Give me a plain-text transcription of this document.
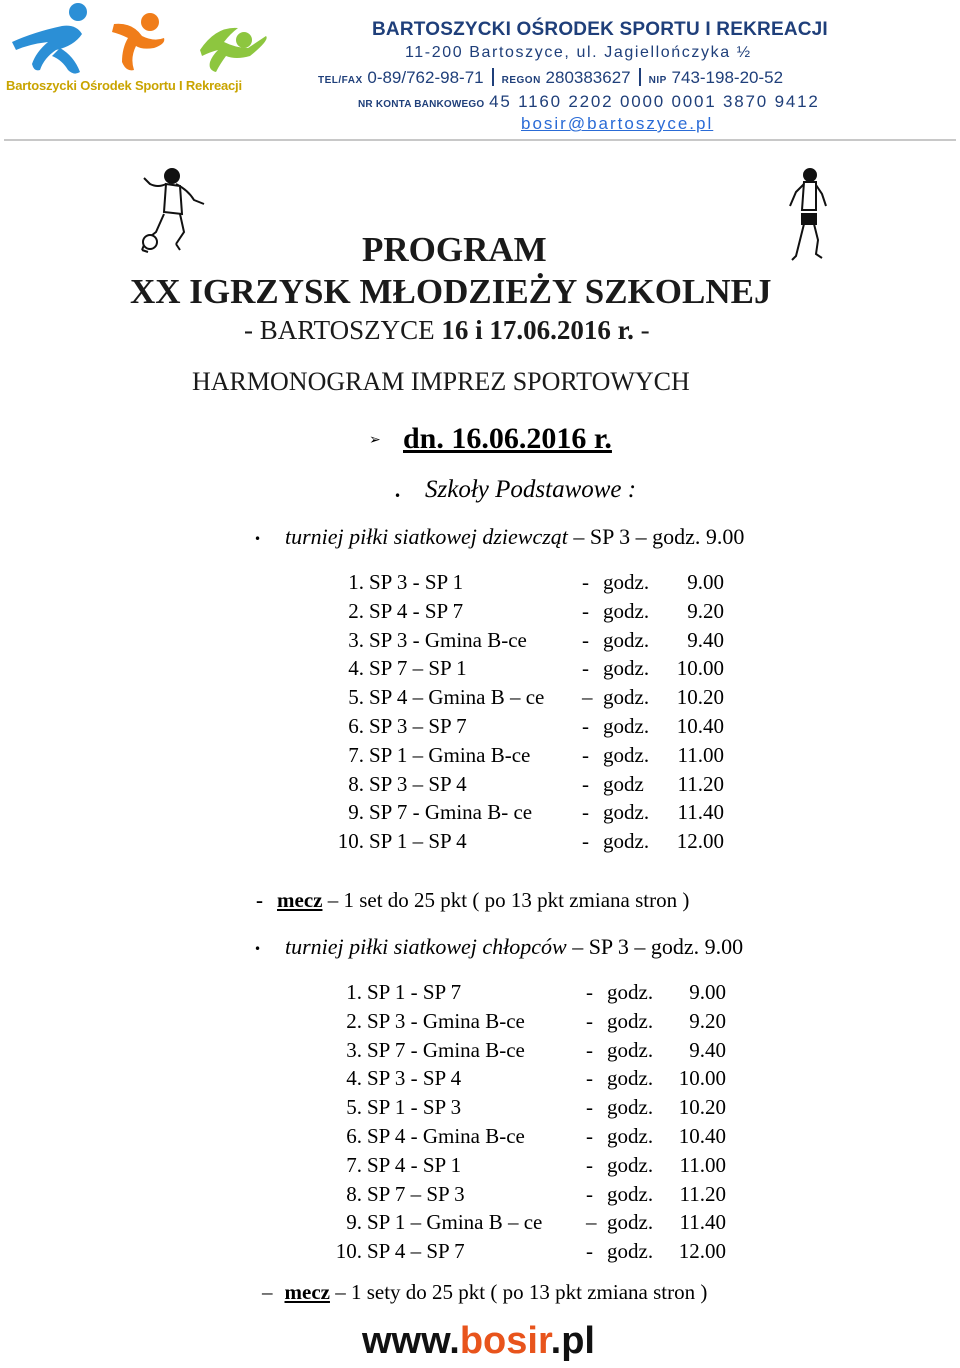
Bartoszycki Ośrodek Sportu I Rekreacji
BARTOSZYCKI OŚRODEK SPORTU I REKREACJI
11-200 Bartoszyce, ul. Jagiellończyka ½
TEL/FAX 0-89/762-98-71 REGON 280383627 NIP 743-198-20-52
NR KONTA BANKOWEGO 45 1160 2202 0000 0001 3870 9412
bosir@bartoszyce.pl
PROGRAM
XX IGRZYSK MŁODZIEŻY SZKOLNEJ
- BARTOSZYCE 16 i 17.06.2016 r. -
HARMONOGRAM IMPREZ SPORTOWYCH
➢ dn. 16.06.2016 r.
• Szkoły Podstawowe :
• turniej piłki siatkowej dziewcząt – SP 3 – godz. 9.00
1. SP 3 - SP 1	- godz. 9.00
2. SP 4 - SP 7	- godz. 9.20
3. SP 3 - Gmina B-ce	- godz. 9.40
4. SP 7 – SP 1	- godz. 10.00
5. SP 4 – Gmina B – ce – godz. 10.20
6. SP 3 – SP 7	- godz. 10.40
7. SP 1 – Gmina B-ce - godz. 11.00
8. SP 3 – SP 4	- godz 11.20
9. SP 7 - Gmina B- ce - godz. 11.40
10. SP 1 – SP 4	- godz. 12.00
- mecz – 1 set do 25 pkt ( po 13 pkt zmiana stron )
• turniej piłki siatkowej chłopców – SP 3 – godz. 9.00
1. SP 1 - SP 7	- godz. 9.00
2. SP 3 - Gmina B-ce	- godz. 9.20
3. SP 7 - Gmina B-ce	- godz. 9.40
4. SP 3 - SP 4	- godz. 10.00
5. SP 1 - SP 3	- godz. 10.20
6. SP 4 - Gmina B-ce	- godz. 10.40
7. SP 4 - SP 1	- godz. 11.00
8. SP 7 – SP 3	- godz. 11.20
9. SP 1 – Gmina B – ce – godz. 11.40
10. SP 4 – SP 7	- godz. 12.00
– mecz – 1 sety do 25 pkt ( po 13 pkt zmiana stron )
www.bosir.pl
